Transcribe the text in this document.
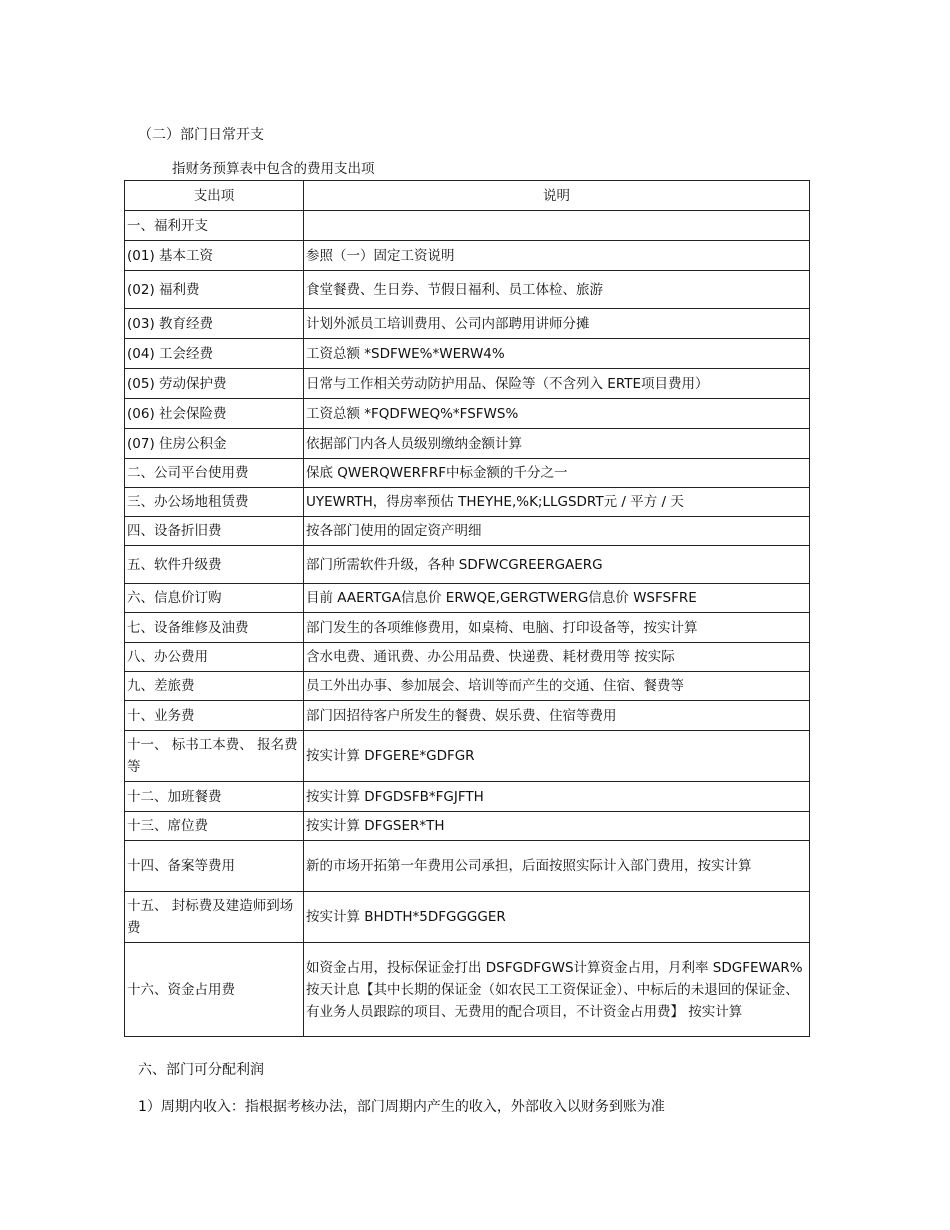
（二）部门日常开支
指财务预算表中包含的费用支出项
支出项	说明
一、福利开支	
(01) 基本工资	参照（一）固定工资说明
(02) 福利费	食堂餐费、生日券、节假日福利、员工体检、旅游
(03) 教育经费	计划外派员工培训费用、公司内部聘用讲师分摊
(04) 工会经费	工资总额 *SDFWE%*WERW4%
(05) 劳动保护费	日常与工作相关劳动防护用品、保险等（不含列入 ERTE项目费用）
(06) 社会保险费	工资总额 *FQDFWEQ%*FSFWS%
(07) 住房公积金	依据部门内各人员级别缴纳金额计算
二、公司平台使用费	保底 QWERQWERFRF中标金额的千分之一
三、办公场地租赁费	UYEWRTH，得房率预估 THEYHE,%K;LLGSDRT元 / 平方 / 天
四、设备折旧费	按各部门使用的固定资产明细
五、软件升级费	部门所需软件升级，各种 SDFWCGREERGAERG
六、信息价订购	目前 AAERTGA信息价 ERWQE,GERGTWERG信息价 WSFSFRE
七、设备维修及油费	部门发生的各项维修费用，如桌椅、电脑、打印设备等，按实计算
八、办公费用	含水电费、通讯费、办公用品费、快递费、耗材费用等 按实际
九、差旅费	员工外出办事、参加展会、培训等而产生的交通、住宿、餐费等
十、业务费	部门因招待客户所发生的餐费、娱乐费、住宿等费用
十一、 标书工本费、 报名费等	按实计算 DFGERE*GDFGR
十二、加班餐费	按实计算 DFGDSFB*FGJFTH
十三、席位费	按实计算 DFGSER*TH
十四、备案等费用	新的市场开拓第一年费用公司承担，后面按照实际计入部门费用，按实计算
十五、 封标费及建造师到场费	按实计算 BHDTH*5DFGGGGER
十六、资金占用费	如资金占用，投标保证金打出 DSFGDFGWS计算资金占用，月利率 SDGFEWAR%按天计息【其中长期的保证金（如农民工工资保证金）、中标后的未退回的保证金、有业务人员跟踪的项目、无费用的配合项目，不计资金占用费】 按实计算
六、部门可分配利润
1）周期内收入：指根据考核办法，部门周期内产生的收入，外部收入以财务到账为准
